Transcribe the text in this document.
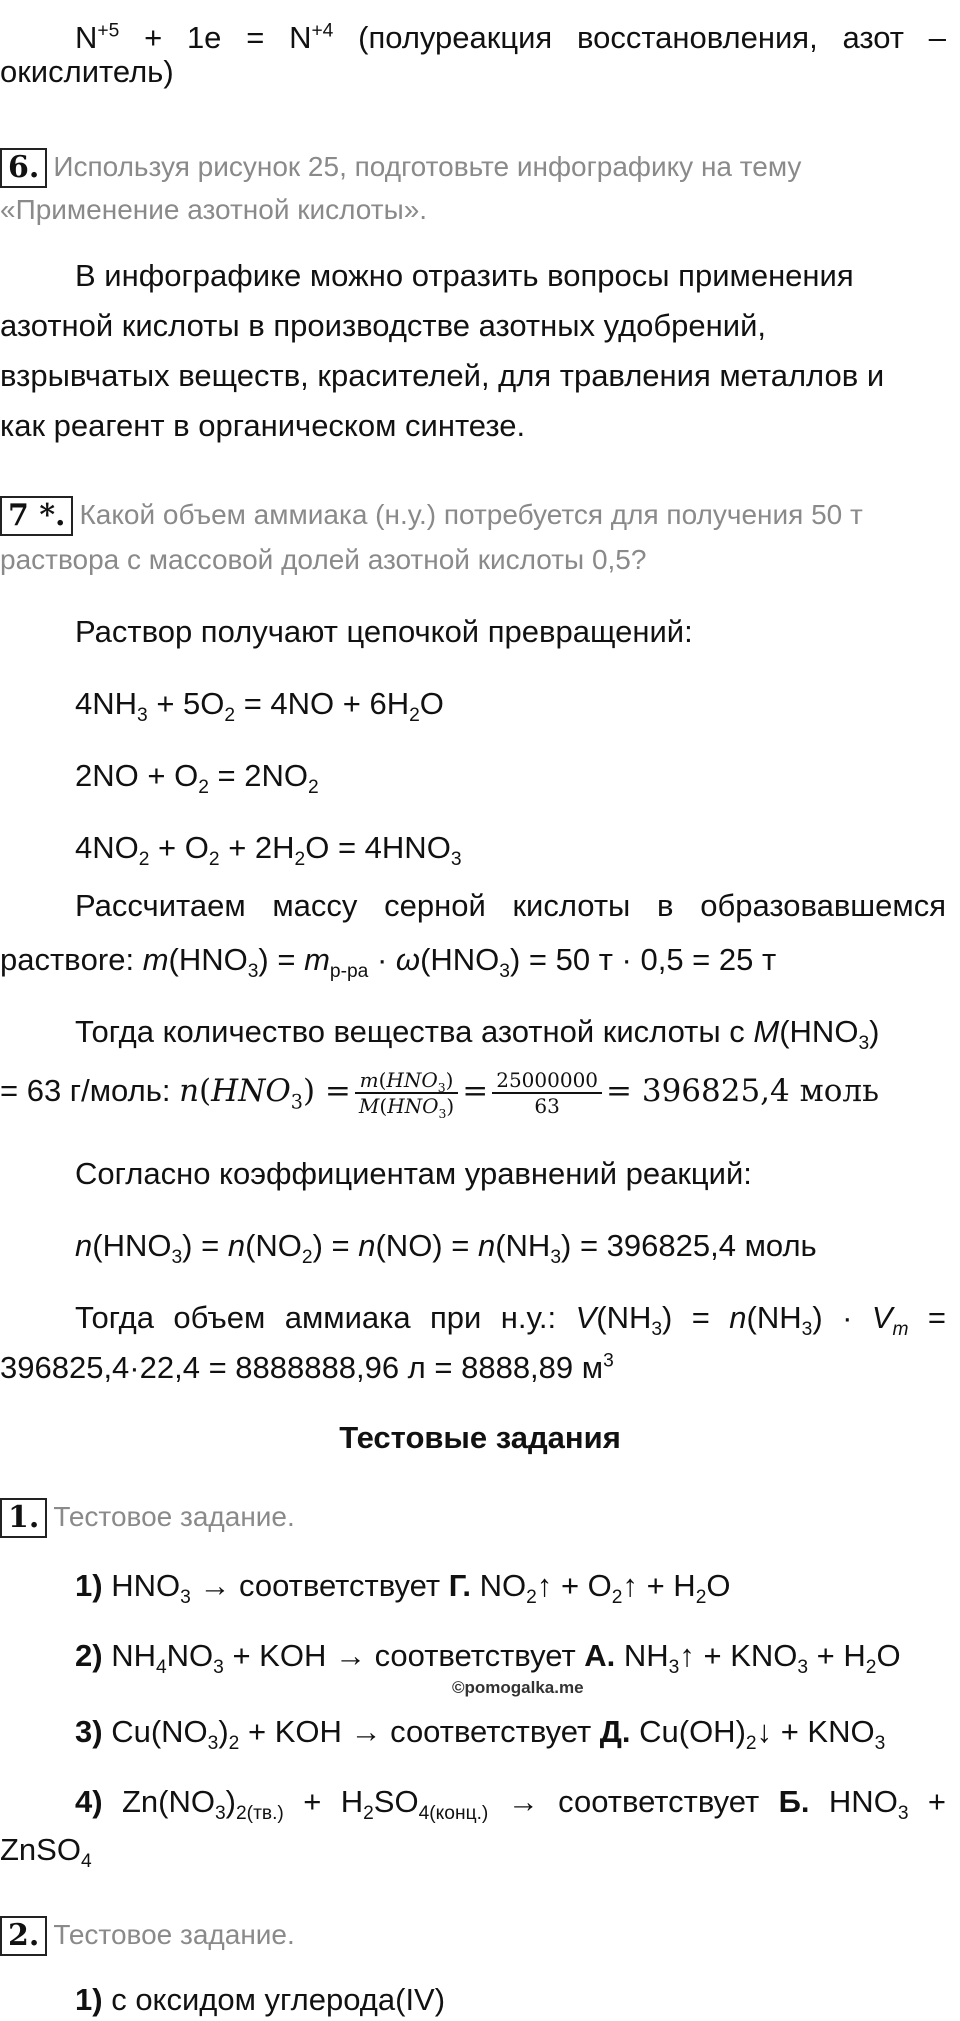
$N^{+5} + 1e = N^{+4}$ (полуреакция восстановления, азот –
окислитель)
6. Используя рисунок 25, подготовьте инфографику на тему
«Применение азотной кислоты».
В инфографике можно отразить вопросы применения
азотной кислоты в производстве азотных удобрений,
взрывчатых веществ, красителей, для травления металлов и
как реагент в органическом синтезе.
7 *. Какой объем аммиака (н.у.) потребуется для получения 50 т
раствора с массовой долей азотной кислоты 0,5?
Раствор получают цепочкой превращений:
$4NH_3 + 5O_2 = 4NO + 6H_2O$
$2NO + O_2 = 2NO_2$
$4NO_2 + O_2 + 2H_2O = 4HNO_3$
Рассчитаем массу серной кислоты в образовавшемся
раствore: $m(HNO_3) = m_{р-ра} \cdot \omega(HNO_3) = 50$ т · 0,5 = 25 т
Тогда количество вещества азотной кислоты с $M(HNO_3)$
= 63 г/моль: $n(HNO_3) = \frac{m(HNO_3)}{M(HNO_3)} = \frac{25000000}{63} = 396825,4$ моль
Согласно коэффициентам уравнений реакций:
$n(HNO_3) = n(NO_2) = n(NO) = n(NH_3) = 396825,4$ моль
Тогда объем аммиака при н.у.: $V(NH_3) = n(NH_3) \cdot V_m$ =
396825,4·22,4 = 8888888,96 л = 8888,89 $м^3$
Тестовые задания
1. Тестовое задание.
1) $HNO_3$ → соответствует Г. $NO_2↑$ + $O_2↑ + H_2O$
2) $NH_4NO_3$ + KOH → соответствует А. $NH_3↑ + KNO_3 + H_2O$
©pomogalka.me
3) $Cu(NO_3)_2$ + KOH → соответствует Д. $Cu(OH)_2↓ + KNO_3$
4) $Zn(NO_3)_{2(тв.)} + H_2SO_{4(конц.)}$ → соответствует Б. $HNO_3$ +
ZnSO$_4$
2. Тестовое задание.
1) с оксидом углерода(IV)
